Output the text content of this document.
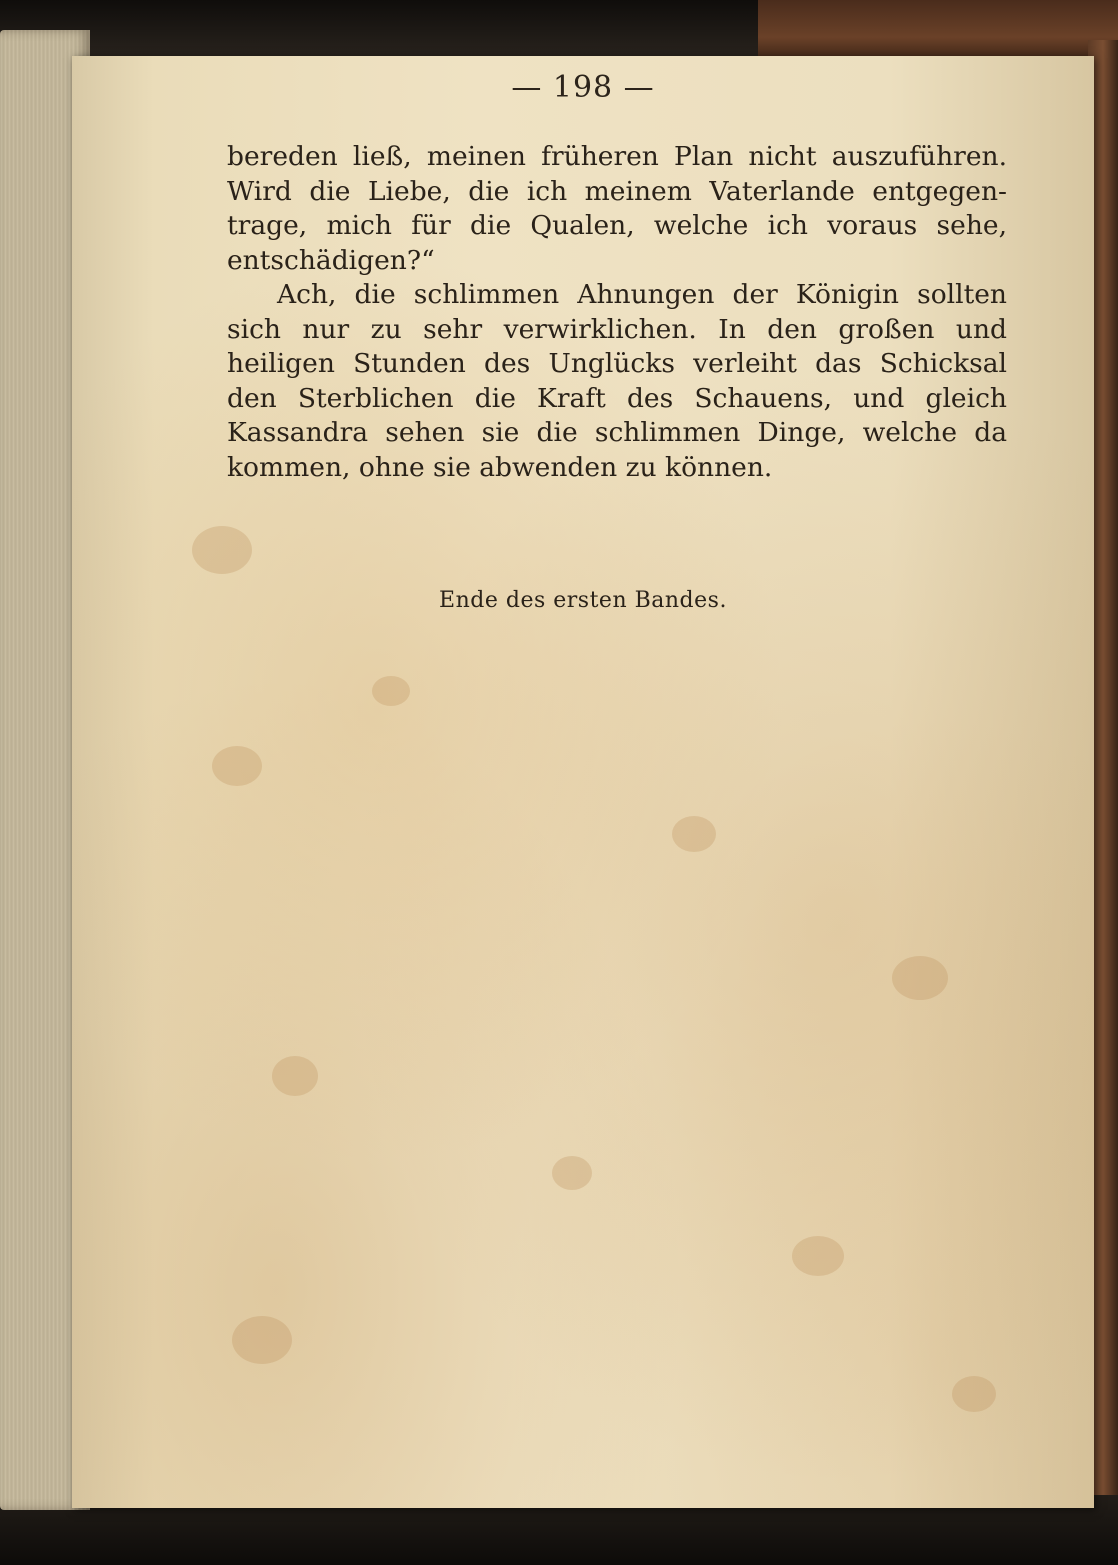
— 198 —

bereden ließ, meinen früheren Plan nicht auszuführen.
Wird die Liebe, die ich meinem Vaterlande entgegen-
trage, mich für die Qualen, welche ich voraus sehe,
entschädigen?“

Ach, die schlimmen Ahnungen der Königin sollten
sich nur zu sehr verwirklichen. In den großen und
heiligen Stunden des Unglücks verleiht das Schicksal
den Sterblichen die Kraft des Schauens, und gleich
Kassandra sehen sie die schlimmen Dinge, welche da
kommen, ohne sie abwenden zu können.

Ende des ersten Bandes.
